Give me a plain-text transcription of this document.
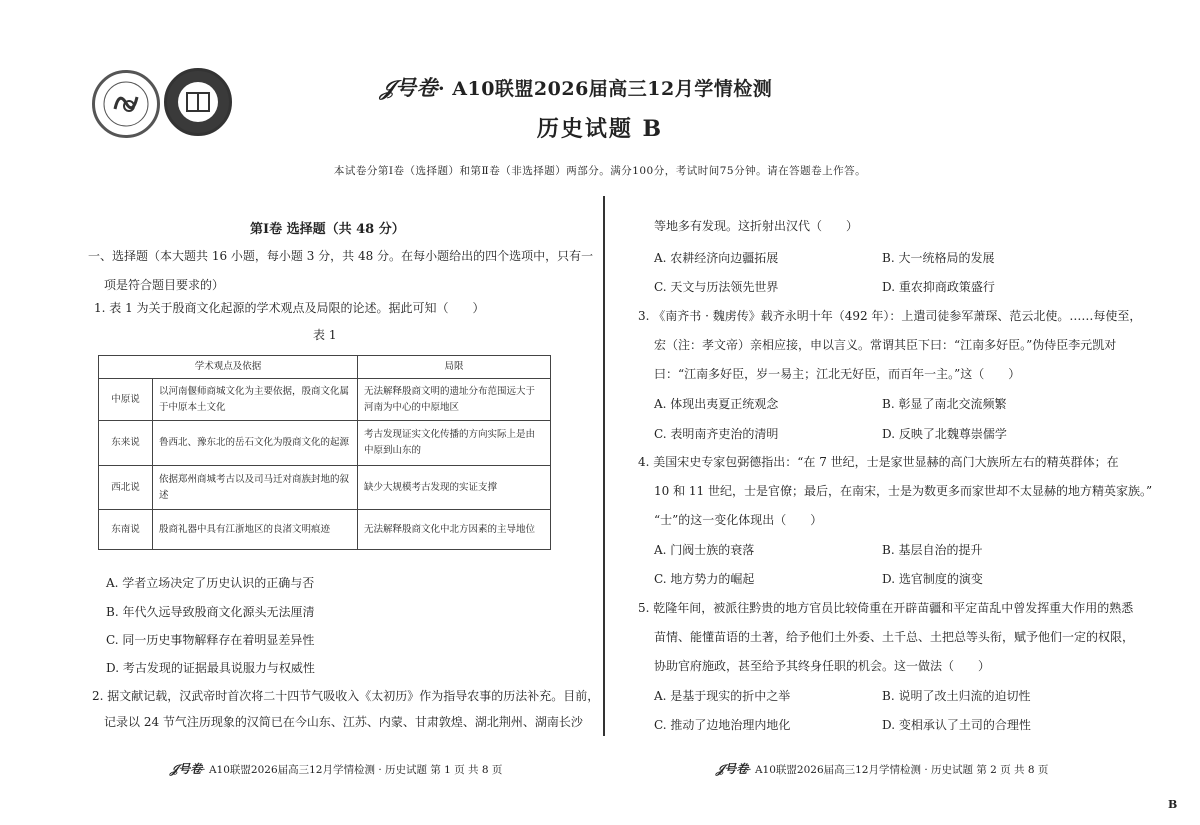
𝒥号卷· A10联盟2026届高三12月学情检测
历史试题 B
本试卷分第Ⅰ卷（选择题）和第Ⅱ卷（非选择题）两部分。满分100分，考试时间75分钟。请在答题卷上作答。
第Ⅰ卷 选择题（共 48 分）
一、选择题（本大题共 16 小题，每小题 3 分，共 48 分。在每小题给出的四个选项中，只有一
项是符合题目要求的）
1. 表 1 为关于殷商文化起源的学术观点及局限的论述。据此可知（　　）
表 1
学术观点及依据		局限
中原说	以河南偃师商城文化为主要依据，殷商文化属于中原本土文化	无法解释殷商文明的遗址分布范围远大于河南为中心的中原地区
东来说	鲁西北、豫东北的岳石文化为殷商文化的起源	考古发现证实文化传播的方向实际上是由中原到山东的
西北说	依据郑州商城考古以及司马迁对商族封地的叙述	缺少大规模考古发现的实证支撑
东南说	殷商礼器中具有江浙地区的良渚文明痕迹	无法解释殷商文化中北方因素的主导地位
A. 学者立场决定了历史认识的正确与否
B. 年代久远导致殷商文化源头无法厘清
C. 同一历史事物解释存在着明显差异性
D. 考古发现的证据最具说服力与权威性
2. 据文献记载，汉武帝时首次将二十四节气吸收入《太初历》作为指导农事的历法补充。目前，
记录以 24 节气注历现象的汉简已在今山东、江苏、内蒙、甘肃敦煌、湖北荆州、湖南长沙
𝒥号卷· A10联盟2026届高三12月学情检测 · 历史试题 第 1 页 共 8 页
等地多有发现。这折射出汉代（　　）
A. 农耕经济向边疆拓展	B. 大一统格局的发展
C. 天文与历法领先世界	D. 重农抑商政策盛行
3. 《南齐书 · 魏虏传》载齐永明十年（492 年）：上遣司徒参军萧琛、范云北使。……每使至，
宏（注：孝文帝）亲相应接，申以言义。常谓其臣下曰：“江南多好臣。”伪侍臣李元凯对
曰：“江南多好臣，岁一易主；江北无好臣，而百年一主。”这（　　）
A. 体现出夷夏正统观念	B. 彰显了南北交流频繁
C. 表明南齐吏治的清明	D. 反映了北魏尊崇儒学
4. 美国宋史专家包弼德指出：“在 7 世纪，士是家世显赫的高门大族所左右的精英群体；在
10 和 11 世纪，士是官僚；最后，在南宋，士是为数更多而家世却不太显赫的地方精英家族。”
“士”的这一变化体现出（　　）
A. 门阀士族的衰落	B. 基层自治的提升
C. 地方势力的崛起	D. 选官制度的演变
5. 乾隆年间，被派往黔贵的地方官员比较倚重在开辟苗疆和平定苗乱中曾发挥重大作用的熟悉
苗情、能懂苗语的土著，给予他们土外委、土千总、土把总等头衔，赋予他们一定的权限，
协助官府施政，甚至给予其终身任职的机会。这一做法（　　）
A. 是基于现实的折中之举	B. 说明了改土归流的迫切性
C. 推动了边地治理内地化	D. 变相承认了土司的合理性
𝒥号卷· A10联盟2026届高三12月学情检测 · 历史试题 第 2 页 共 8 页
B
